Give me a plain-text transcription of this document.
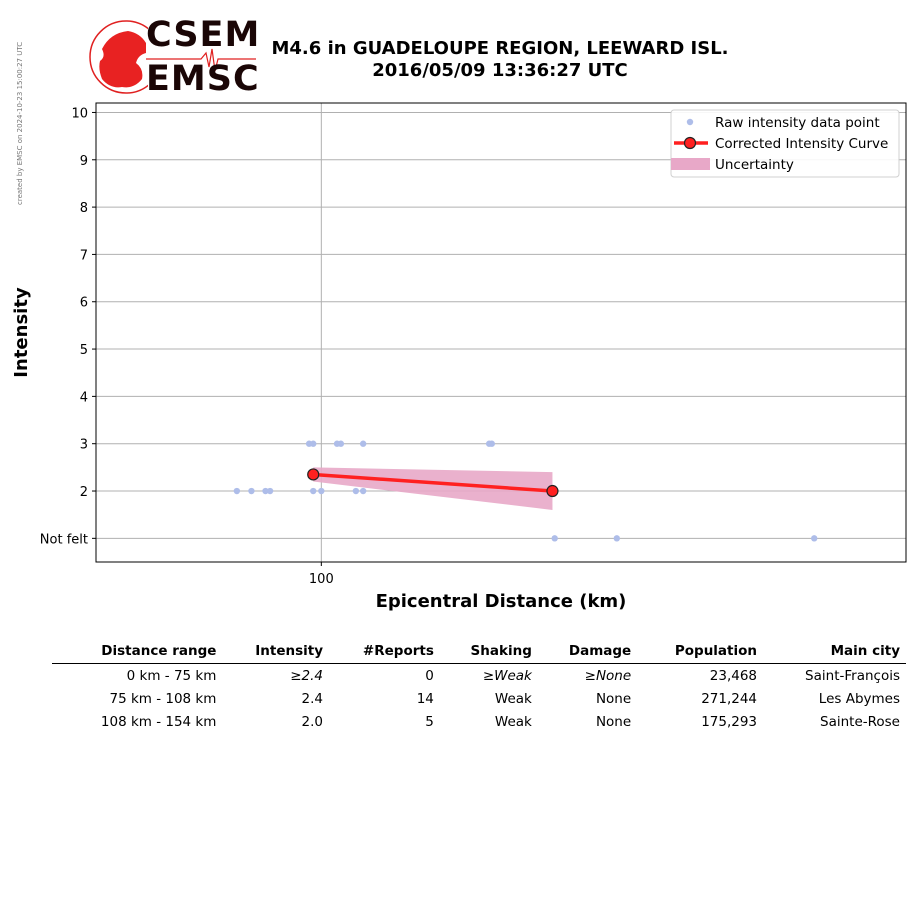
created by EMSC on 2024-10-23 15:00:27 UTC
CSEM
EMSC
M4.6 in GUADELOUPE REGION, LEEWARD ISL.
2016/05/09 13:36:27 UTC
Not felt
2
3
4
5
6
7
8
9
10
100
Epicentral Distance (km)
Intensity
Raw intensity data point
Corrected Intensity Curve
Uncertainty
Distance range	Intensity	#Reports	Shaking	Damage	Population	Main city
0 km - 75 km	≥2.4	0	≥Weak	≥None	23,468	Saint-François
75 km - 108 km	2.4	14	Weak	None	271,244	Les Abymes
108 km - 154 km	2.0	5	Weak	None	175,293	Sainte-Rose
